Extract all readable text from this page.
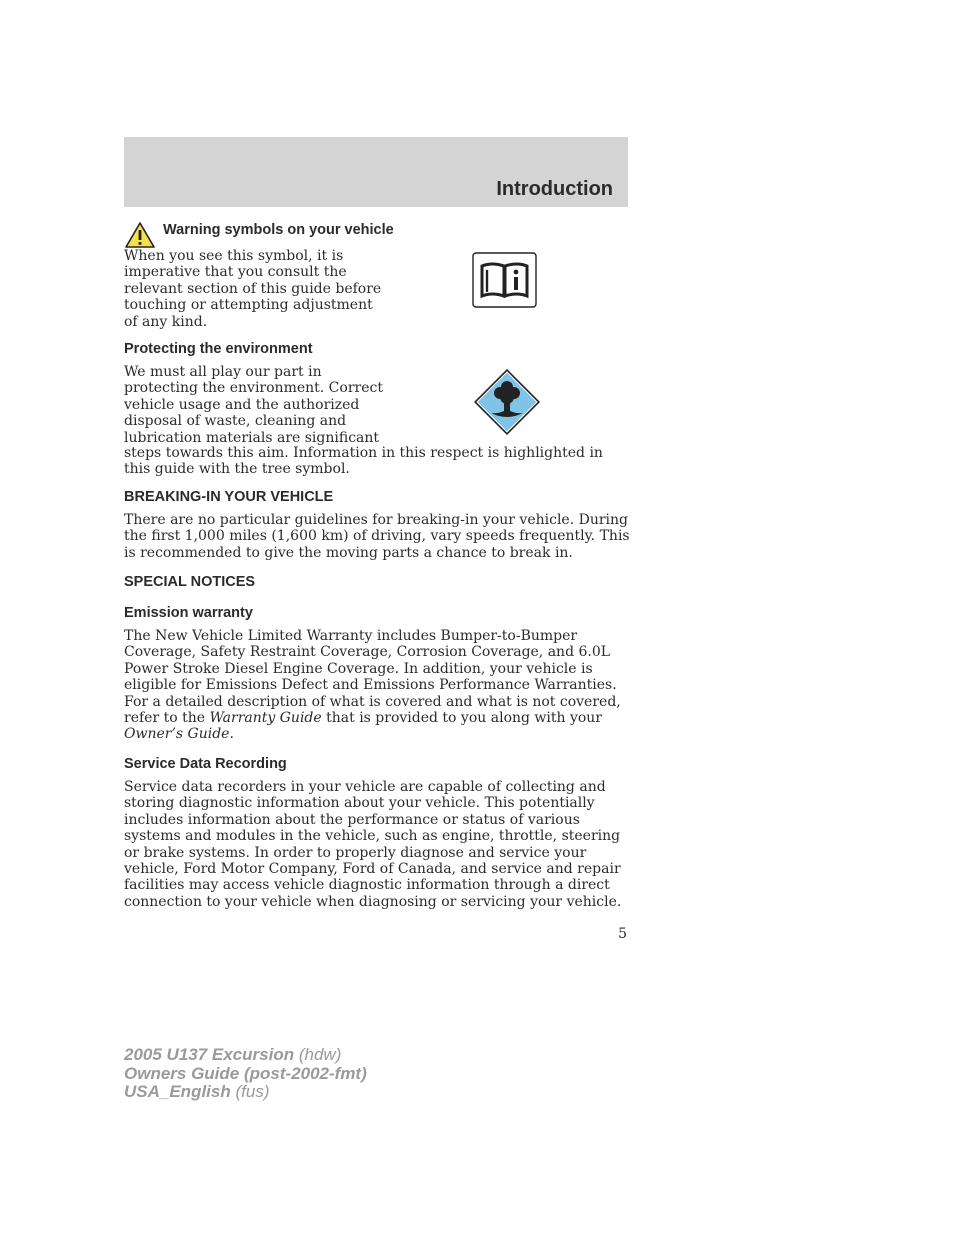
Introduction
Warning symbols on your vehicle

When you see this symbol, it is imperative that you consult the relevant section of this guide before touching or attempting adjustment of any kind.

Protecting the environment

We must all play our part in protecting the environment. Correct vehicle usage and the authorized disposal of waste, cleaning and lubrication materials are significant

steps towards this aim. Information in this respect is highlighted in this guide with the tree symbol.

BREAKING-IN YOUR VEHICLE

There are no particular guidelines for breaking-in your vehicle. During the first 1,000 miles (1,600 km) of driving, vary speeds frequently. This is recommended to give the moving parts a chance to break in.

SPECIAL NOTICES
Emission warranty

The New Vehicle Limited Warranty includes Bumper-to-Bumper Coverage, Safety Restraint Coverage, Corrosion Coverage, and 6.0L Power Stroke Diesel Engine Coverage. In addition, your vehicle is eligible for Emissions Defect and Emissions Performance Warranties. For a detailed description of what is covered and what is not covered, refer to the Warranty Guide that is provided to you along with your Owner’s Guide.

Service Data Recording

Service data recorders in your vehicle are capable of collecting and storing diagnostic information about your vehicle. This potentially includes information about the performance or status of various systems and modules in the vehicle, such as engine, throttle, steering or brake systems. In order to properly diagnose and service your vehicle, Ford Motor Company, Ford of Canada, and service and repair facilities may access vehicle diagnostic information through a direct connection to your vehicle when diagnosing or servicing your vehicle.

5
2005 U137 Excursion (hdw)
Owners Guide (post-2002-fmt)
USA_English (fus)
